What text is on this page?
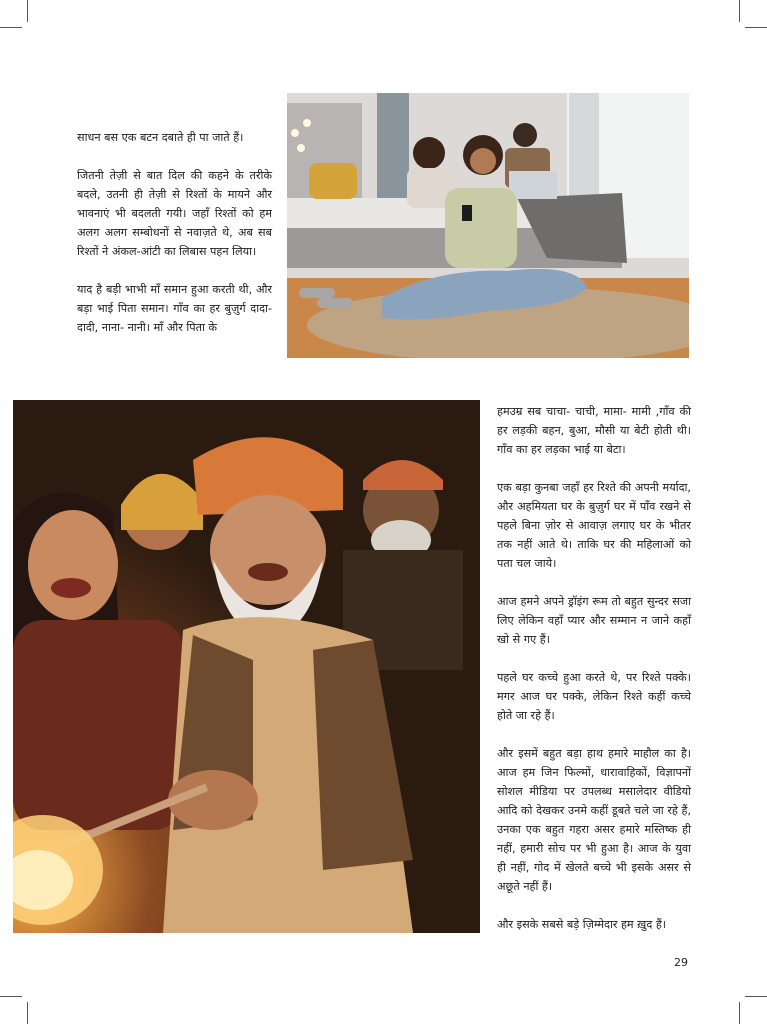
साधन बस एक बटन दबाते ही पा जाते हैं।

जितनी तेज़ी से बात दिल की कहने के तरीके बदले, उतनी ही तेज़ी से रिश्तों के मायने और भावनाएं भी बदलती गयी। जहाँ रिश्तों को हम अलग अलग सम्बोधनों से नवाज़ते थे, अब सब रिश्तों ने अंकल-आंटी का लिबास पहन लिया।

याद है बड़ी भाभी माँ समान हुआ करती थी, और बड़ा भाई पिता समान। गाँव का हर बुज़ुर्ग दादा-दादी, नाना- नानी। माँ और पिता के

हमउम्र सब चाचा- चाची, मामा- मामी ,गाँव की हर लड़की बहन, बुआ, मौसी या बेटी होती थी। गाँव का हर लड़का भाई या बेटा।

एक बड़ा कुनबा जहाँ हर रिश्ते की अपनी मर्यादा, और अहमियता घर के बुज़ुर्ग घर में पाँव रखने से पहले बिना ज़ोर से आवाज़ लगाए घर के भीतर तक नहीं आते थे। ताकि घर की महिलाओं को पता चल जाये।

आज हमने अपने ड्रॉइंग रूम तो बहुत सुन्दर सजा लिए लेकिन वहाँ प्यार और सम्मान न जाने कहाँ खो से गए हैं।

पहले घर कच्चे हुआ करते थे, पर रिश्ते पक्के। मगर आज घर पक्के, लेकिन रिश्ते कहीं कच्चे होते जा रहे हैं।

और इसमें बहुत बड़ा हाथ हमारे माहौल का है। आज हम जिन फिल्मों, धारावाहिकों, विज्ञापनों सोशल मीडिया पर उपलब्ध मसालेदार वीडियो आदि को देखकर उनमे कहीं डूबते चले जा रहे हैं, उनका एक बहुत गहरा असर हमारे मस्तिष्क ही नहीं, हमारी सोच पर भी हुआ है। आज के युवा ही नहीं, गोद में खेलते बच्चे भी इसके असर से अछूते नहीं हैं।

और इसके सबसे बड़े ज़िम्मेदार हम ख़ुद हैं।

29
